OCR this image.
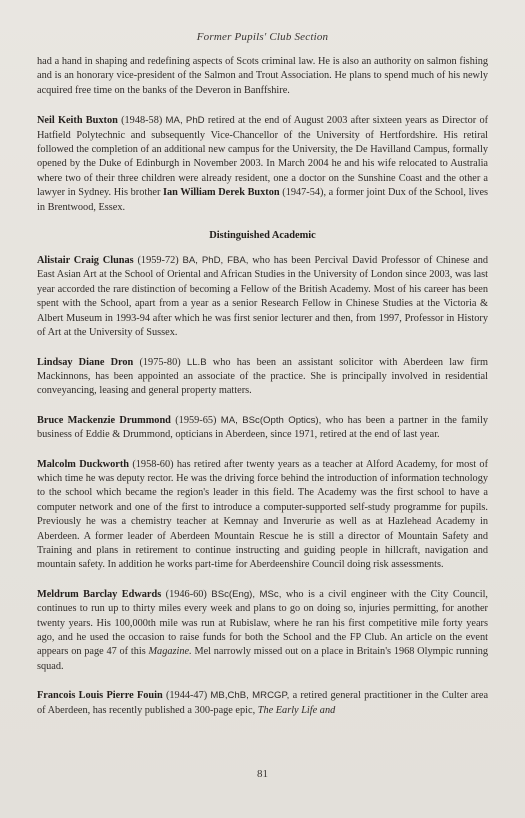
Former Pupils' Club Section

had a hand in shaping and redefining aspects of Scots criminal law. He is also an authority on salmon fishing and is an honorary vice-president of the Salmon and Trout Association. He plans to spend much of his newly acquired free time on the banks of the Deveron in Banffshire.

Neil Keith Buxton (1948-58) MA, PhD retired at the end of August 2003 after sixteen years as Director of Hatfield Polytechnic and subsequently Vice-Chancellor of the University of Hertfordshire. His retiral followed the completion of an additional new campus for the University, the De Havilland Campus, formally opened by the Duke of Edinburgh in November 2003. In March 2004 he and his wife relocated to Australia where two of their three children were already resident, one a doctor on the Sunshine Coast and the other a lawyer in Sydney. His brother Ian William Derek Buxton (1947-54), a former joint Dux of the School, lives in Brentwood, Essex.

Distinguished Academic

Alistair Craig Clunas (1959-72) BA, PhD, FBA, who has been Percival David Professor of Chinese and East Asian Art at the School of Oriental and African Studies in the University of London since 2003, was last year accorded the rare distinction of becoming a Fellow of the British Academy. Most of his career has been spent with the School, apart from a year as a senior Research Fellow in Chinese Studies at the Victoria & Albert Museum in 1993-94 after which he was first senior lecturer and then, from 1997, Professor in History of Art at the University of Sussex.

Lindsay Diane Dron (1975-80) LL.B who has been an assistant solicitor with Aberdeen law firm Mackinnons, has been appointed an associate of the practice. She is principally involved in residential conveyancing, leasing and general property matters.

Bruce Mackenzie Drummond (1959-65) MA, BSc(Opth Optics), who has been a partner in the family business of Eddie & Drummond, opticians in Aberdeen, since 1971, retired at the end of last year.

Malcolm Duckworth (1958-60) has retired after twenty years as a teacher at Alford Academy, for most of which time he was deputy rector. He was the driving force behind the introduction of information technology to the school which became the region's leader in this field. The Academy was the first school to have a computer network and one of the first to introduce a computer-supported self-study programme for pupils. Previously he was a chemistry teacher at Kemnay and Inverurie as well as at Hazlehead Academy in Aberdeen. A former leader of Aberdeen Mountain Rescue he is still a director of Mountain Safety and Training and plans in retirement to continue instructing and guiding people in hillcraft, navigation and mountain safety. In addition he works part-time for Aberdeenshire Council doing risk assessments.

Meldrum Barclay Edwards (1946-60) BSc(Eng), MSc, who is a civil engineer with the City Council, continues to run up to thirty miles every week and plans to go on doing so, injuries permitting, for another twenty years. His 100,000th mile was run at Rubislaw, where he ran his first competitive mile forty years ago, and he used the occasion to raise funds for both the School and the FP Club. An article on the event appears on page 47 of this Magazine. Mel narrowly missed out on a place in Britain's 1968 Olympic running squad.

Francois Louis Pierre Fouin (1944-47) MB,ChB, MRCGP, a retired general practitioner in the Culter area of Aberdeen, has recently published a 300-page epic, The Early Life and

81
